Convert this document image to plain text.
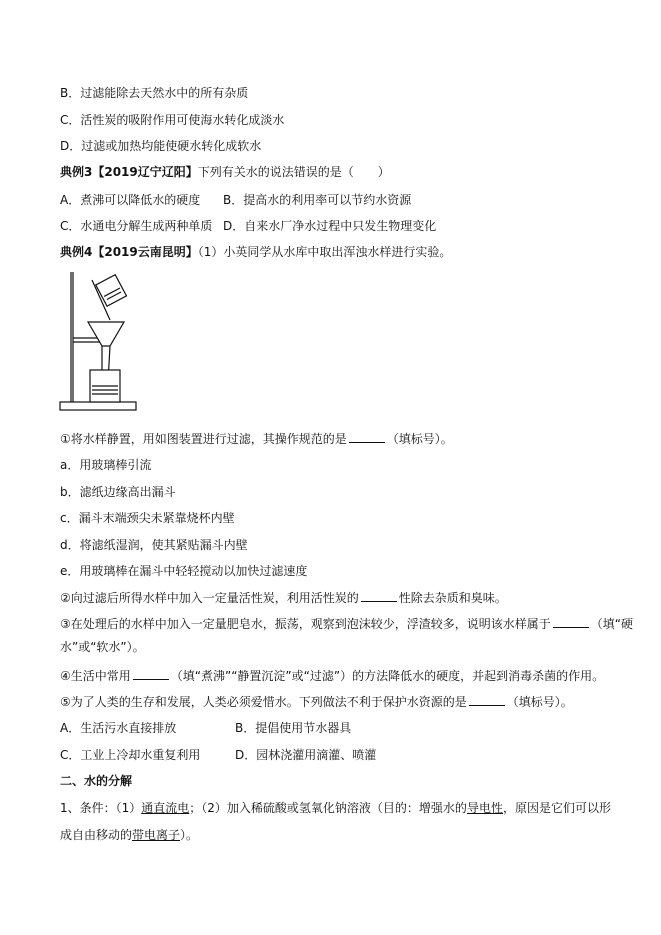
B．过滤能除去天然水中的所有杂质
C．活性炭的吸附作用可使海水转化成淡水
D．过滤或加热均能使硬水转化成软水
典例3【2019辽宁辽阳】下列有关水的说法错误的是（　　）
A．煮沸可以降低水的硬度 B．提高水的利用率可以节约水资源
C．水通电分解生成两种单质 D．自来水厂净水过程中只发生物理变化
典例4【2019云南昆明】（1）小英同学从水库中取出浑浊水样进行实验。
①将水样静置，用如图装置进行过滤，其操作规范的是	（填标号）。
a．用玻璃棒引流
b．滤纸边缘高出漏斗
c．漏斗末端颈尖未紧靠烧杯内壁
d．将滤纸湿润，使其紧贴漏斗内壁
e．用玻璃棒在漏斗中轻轻搅动以加快过滤速度
②向过滤后所得水样中加入一定量活性炭，利用活性炭的	性除去杂质和臭味。
③在处理后的水样中加入一定量肥皂水，振荡，观察到泡沫较少，浮渣较多，说明该水样属于	（填“硬
水”或“软水”）。
④生活中常用	（填“煮沸”“静置沉淀”或“过滤”）的方法降低水的硬度，并起到消毒杀菌的作用。
⑤为了人类的生存和发展，人类必须爱惜水。下列做法不利于保护水资源的是	（填标号）。
A．生活污水直接排放	B．提倡使用节水器具
C．工业上冷却水重复利用	D．园林浇灌用滴灌、喷灌
二、水的分解
1、条件：（1）通直流电；（2）加入稀硫酸或氢氧化钠溶液（目的：增强水的导电性，原因是它们可以形
成自由移动的带电离子）。
